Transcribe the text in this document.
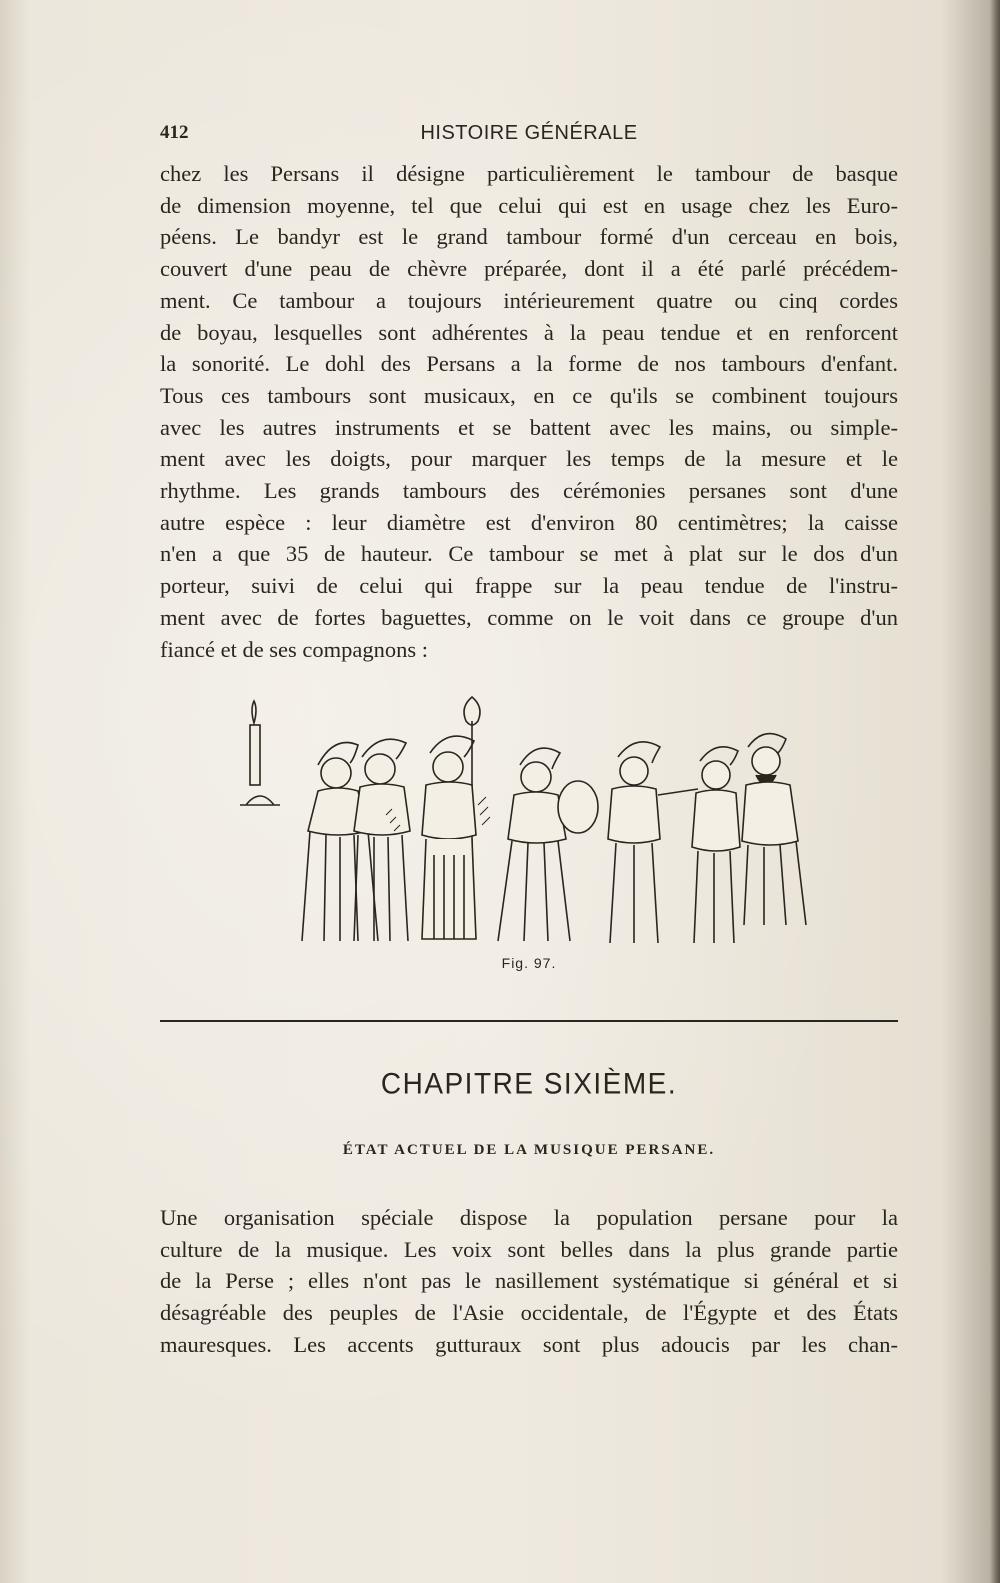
412	HISTOIRE GÉNÉRALE
chez les Persans il désigne particulièrement le tambour de basque
de dimension moyenne, tel que celui qui est en usage chez les Euro-
péens. Le bandyr est le grand tambour formé d'un cerceau en bois,
couvert d'une peau de chèvre préparée, dont il a été parlé précédem-
ment. Ce tambour a toujours intérieurement quatre ou cinq cordes
de boyau, lesquelles sont adhérentes à la peau tendue et en renforcent
la sonorité. Le dohl des Persans a la forme de nos tambours d'enfant.
Tous ces tambours sont musicaux, en ce qu'ils se combinent toujours
avec les autres instruments et se battent avec les mains, ou simple-
ment avec les doigts, pour marquer les temps de la mesure et le
rhythme. Les grands tambours des cérémonies persanes sont d'une
autre espèce : leur diamètre est d'environ 80 centimètres; la caisse
n'en a que 35 de hauteur. Ce tambour se met à plat sur le dos d'un
porteur, suivi de celui qui frappe sur la peau tendue de l'instru-
ment avec de fortes baguettes, comme on le voit dans ce groupe d'un
fiancé et de ses compagnons :
Fig. 97.
CHAPITRE SIXIÈME.
ÉTAT ACTUEL DE LA MUSIQUE PERSANE.
Une organisation spéciale dispose la population persane pour la
culture de la musique. Les voix sont belles dans la plus grande partie
de la Perse ; elles n'ont pas le nasillement systématique si général et si
désagréable des peuples de l'Asie occidentale, de l'Égypte et des États
mauresques. Les accents gutturaux sont plus adoucis par les chan-
